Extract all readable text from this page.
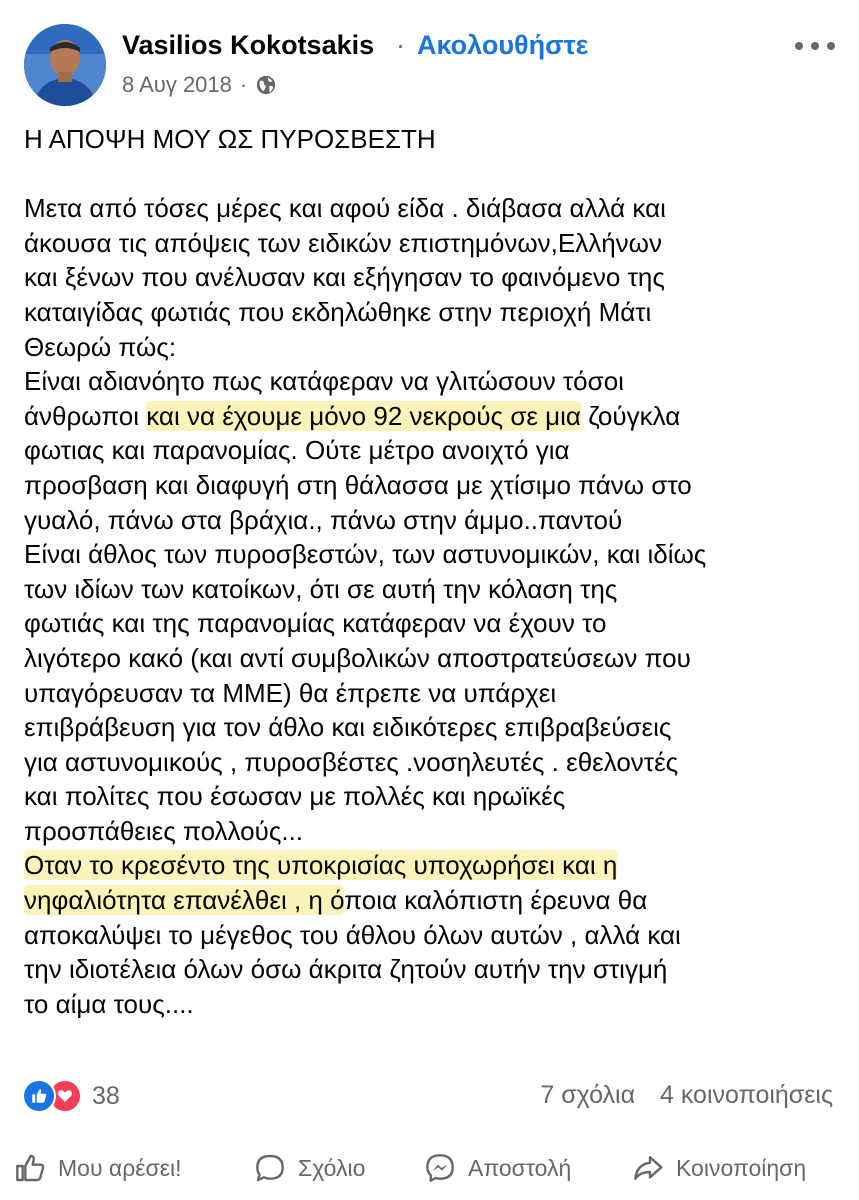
Vasilios Kokotsakis · Ακολουθήστε
8 Αυγ 2018 ·
Η ΑΠΟΨΗ ΜΟΥ ΩΣ ΠΥΡΟΣΒΕΣΤΗ
Μετα από τόσες μέρες και αφού είδα . διάβασα αλλά και
άκουσα τις απόψεις των ειδικών επιστημόνων,Ελλήνων
και ξένων που ανέλυσαν και εξήγησαν το φαινόμενο της
καταιγίδας φωτιάς που εκδηλώθηκε στην περιοχή Μάτι
Θεωρώ πώς:
Είναι αδιανόητο πως κατάφεραν να γλιτώσουν τόσοι
άνθρωποι και να έχουμε μόνο 92 νεκρούς σε μια ζούγκλα
φωτιας και παρανομίας. Ούτε μέτρο ανοιχτό για
προσβαση και διαφυγή στη θάλασσα με χτίσιμο πάνω στο
γυαλό, πάνω στα βράχια., πάνω στην άμμο..παντού
Είναι άθλος των πυροσβεστών, των αστυνομικών, και ιδίως
των ιδίων των κατοίκων, ότι σε αυτή την κόλαση της
φωτιάς και της παρανομίας κατάφεραν να έχουν το
λιγότερο κακό (και αντί συμβολικών αποστρατεύσεων που
υπαγόρευσαν τα ΜΜΕ) θα έπρεπε να υπάρχει
επιβράβευση για τον άθλο και ειδικότερες επιβραβεύσεις
για αστυνομικούς , πυροσβέστες .νοσηλευτές . εθελοντές
και πολίτες που έσωσαν με πολλές και ηρωϊκές
προσπάθειες πολλούς...
Οταν το κρεσέντο της υποκρισίας υποχωρήσει και η
νηφαλιότητα επανέλθει , η όποια καλόπιστη έρευνα θα
αποκαλύψει το μέγεθος του άθλου όλων αυτών , αλλά και
την ιδιοτέλεια όλων όσω άκριτα ζητούν αυτήν την στιγμή
το αίμα τους....
38	7 σχόλια 4 κοινοποιήσεις
Μου αρέσει!	Σχόλιο	Αποστολή	Κοινοποίηση
